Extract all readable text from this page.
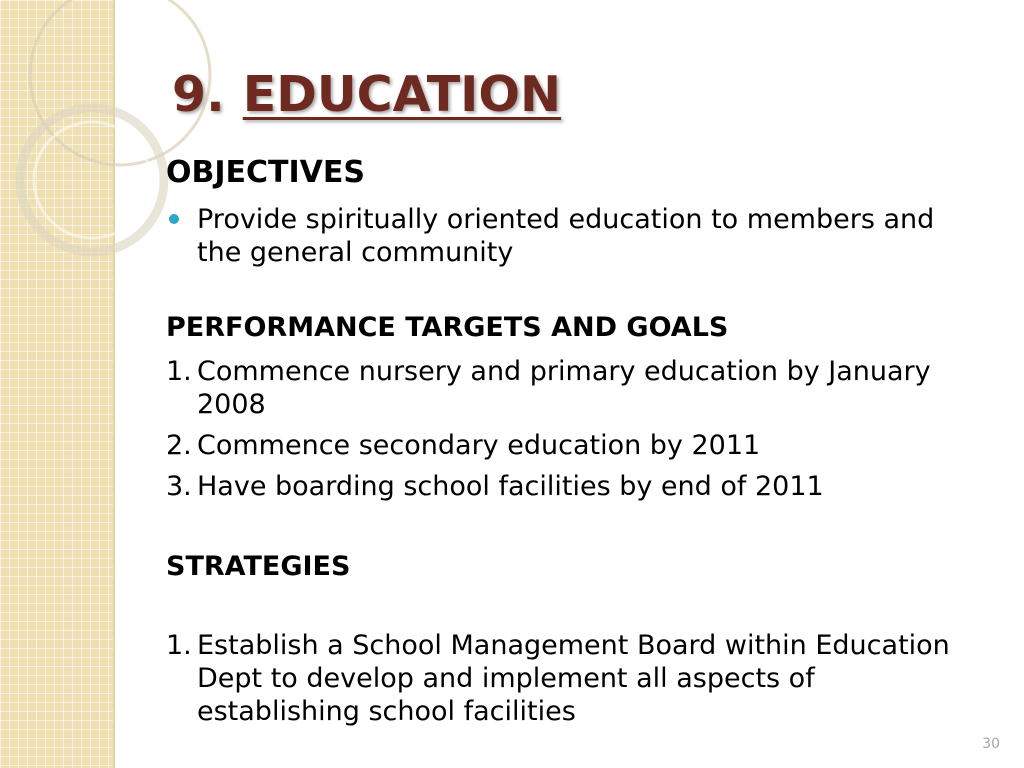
9. EDUCATION
OBJECTIVES
Provide spiritually oriented education to members and the general community
PERFORMANCE TARGETS AND GOALS
1. Commence nursery and primary education by January 2008
2. Commence secondary education by 2011
3. Have boarding school facilities by end of 2011
STRATEGIES
1. Establish a School Management Board within Education Dept to develop and implement all aspects of establishing school facilities
30
